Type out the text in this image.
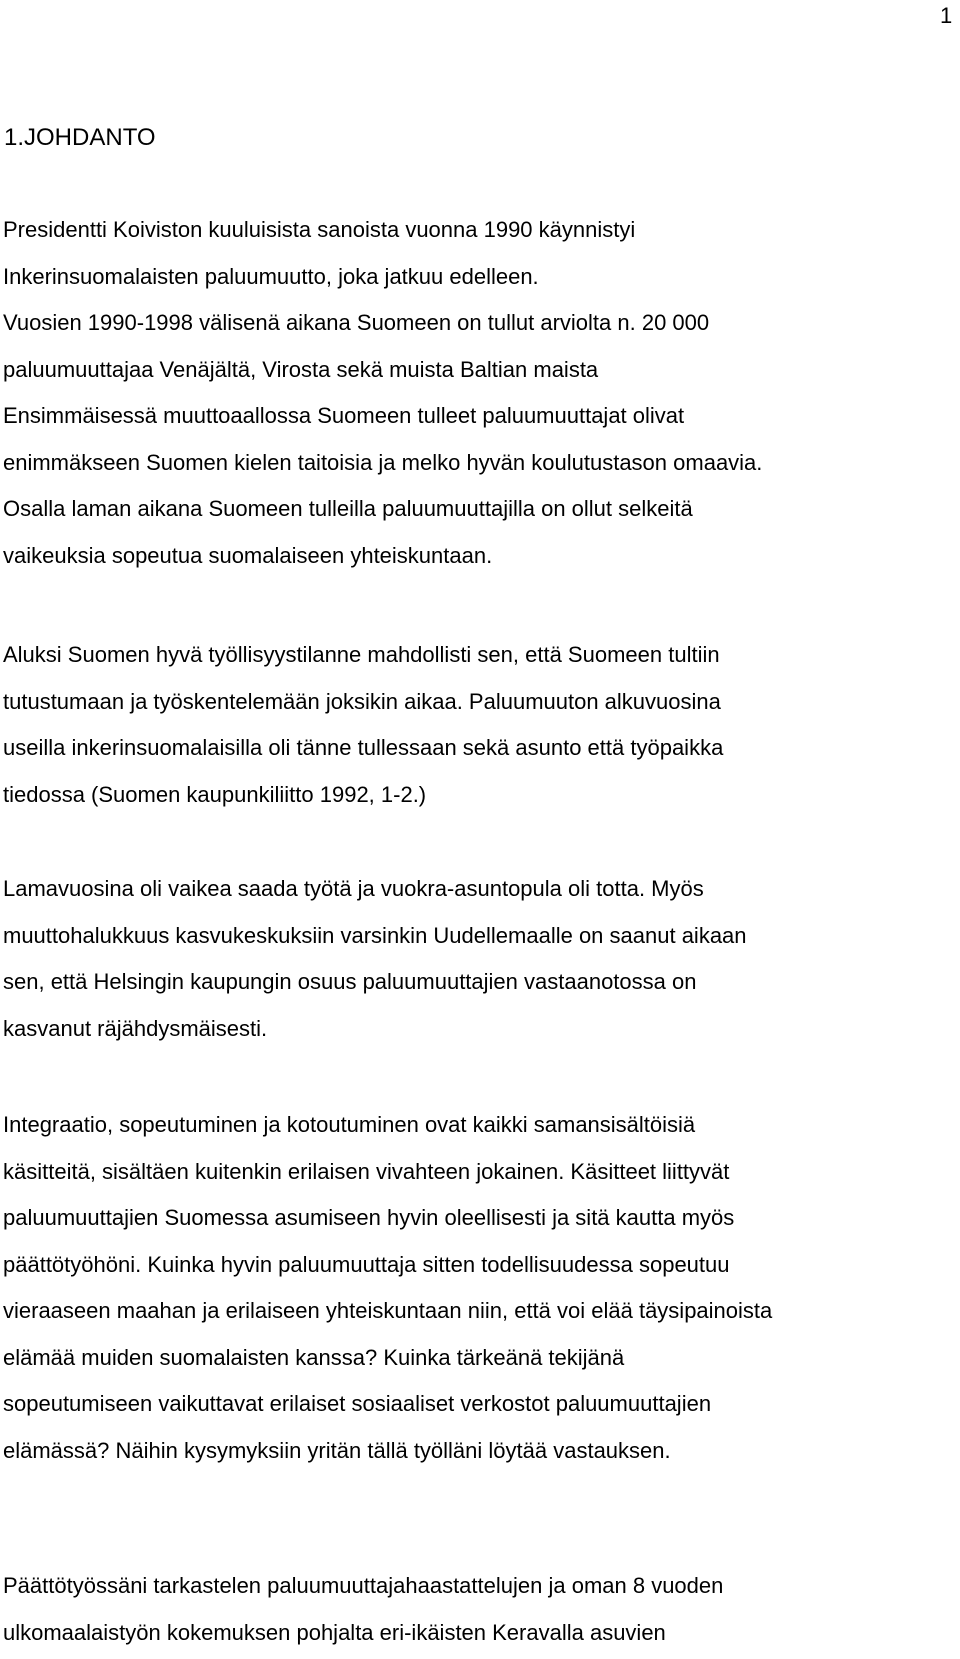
1
1.JOHDANTO
Presidentti Koiviston kuuluisista sanoista vuonna 1990 käynnistyi
Inkerinsuomalaisten paluumuutto, joka jatkuu edelleen.
Vuosien 1990-1998 välisenä aikana Suomeen on tullut arviolta n. 20 000
paluumuuttajaa Venäjältä, Virosta sekä muista Baltian maista
Ensimmäisessä muuttoaallossa Suomeen tulleet paluumuuttajat olivat
enimmäkseen Suomen kielen taitoisia ja melko hyvän koulutustason omaavia.
Osalla laman aikana Suomeen tulleilla paluumuuttajilla on ollut selkeitä
vaikeuksia sopeutua suomalaiseen yhteiskuntaan.
Aluksi Suomen hyvä työllisyystilanne mahdollisti sen, että Suomeen tultiin
tutustumaan ja työskentelemään joksikin aikaa. Paluumuuton alkuvuosina
useilla inkerinsuomalaisilla oli tänne tullessaan sekä asunto että työpaikka
tiedossa (Suomen kaupunkiliitto 1992, 1-2.)
Lamavuosina oli vaikea saada työtä ja vuokra-asuntopula oli totta. Myös
muuttohalukkuus kasvukeskuksiin varsinkin Uudellemaalle on saanut aikaan
sen, että Helsingin kaupungin osuus paluumuuttajien vastaanotossa on
kasvanut räjähdysmäisesti.
Integraatio, sopeutuminen ja kotoutuminen ovat kaikki samansisältöisiä
käsitteitä, sisältäen kuitenkin erilaisen vivahteen jokainen. Käsitteet liittyvät
paluumuuttajien Suomessa asumiseen hyvin oleellisesti ja sitä kautta myös
päättötyöhöni. Kuinka hyvin paluumuuttaja sitten todellisuudessa sopeutuu
vieraaseen maahan ja erilaiseen yhteiskuntaan niin, että voi elää täysipainoista
elämää muiden suomalaisten kanssa? Kuinka tärkeänä tekijänä
sopeutumiseen vaikuttavat erilaiset sosiaaliset verkostot paluumuuttajien
elämässä? Näihin kysymyksiin yritän tällä työlläni löytää vastauksen.
Päättötyössäni tarkastelen paluumuuttajahaastattelujen ja oman 8 vuoden
ulkomaalaistyön kokemuksen pohjalta eri-ikäisten Keravalla asuvien
